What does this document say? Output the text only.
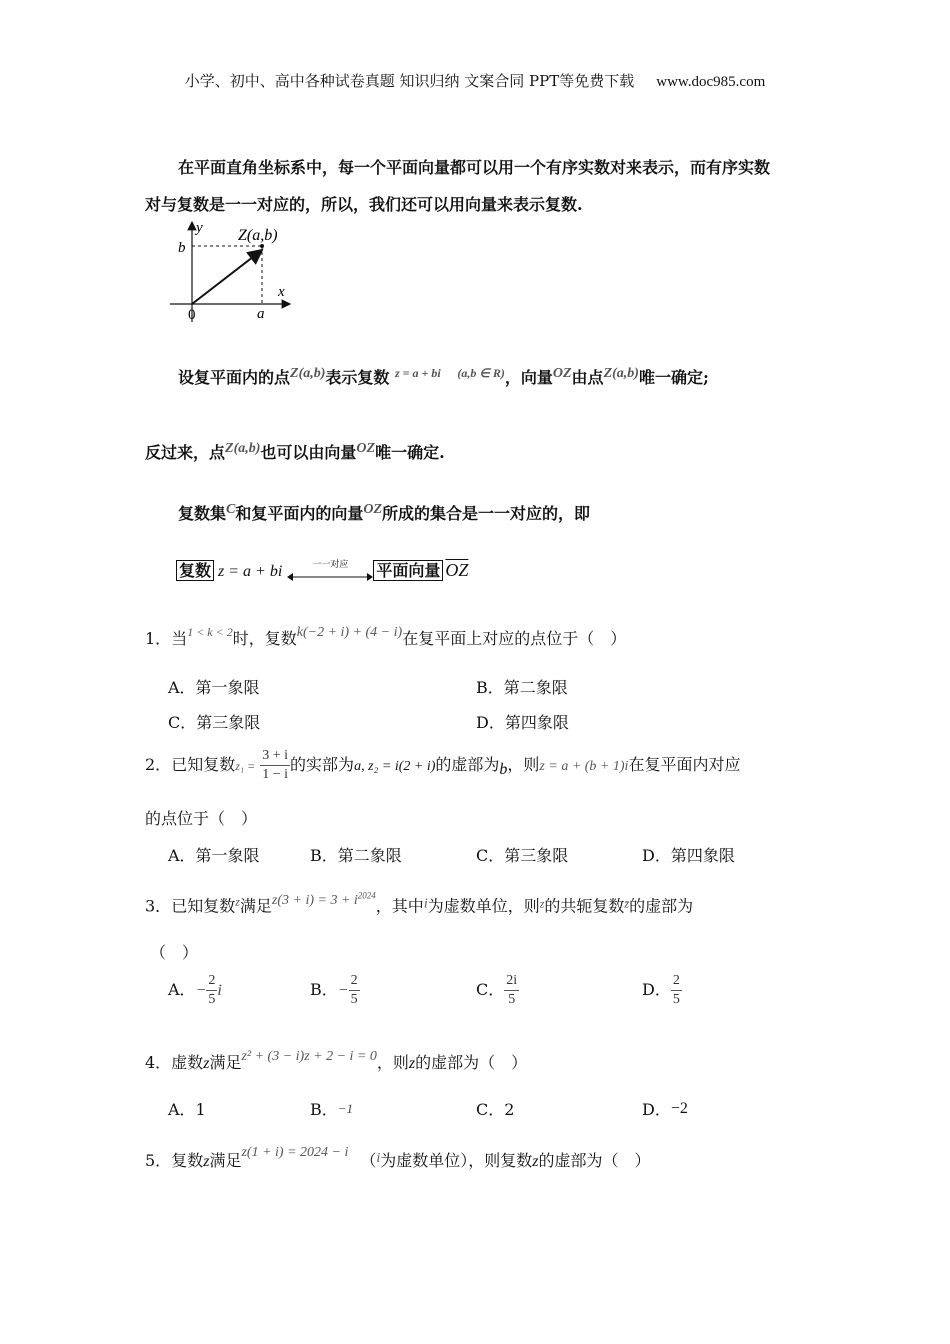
小学、初中、高中各种试卷真题 知识归纳 文案合同 PPT等免费下载 www.doc985.com
在平面直角坐标系中，每一个平面向量都可以用一个有序实数对来表示，而有序实数
对与复数是一一对应的，所以，我们还可以用向量来表示复数.
y
x
b
a
0
Z(a,b)
设复平面内的点Z(a,b)表示复数 $^{z = a + bi}$ $^{(a,b \in R)}$，向量OZ由点Z(a,b)唯一确定;
反过来，点Z(a,b)也可以由向量OZ唯一确定.
复数集C和复平面内的向量OZ所成的集合是一一对应的，即
复数 z = a + bi	一一对应	平面向量 $\overline{OZ}$
1．当$^{1 < k < 2}$时，复数k(−2 + i) + (4 − i)在复平面上对应的点位于（　）
A．第一象限	B．第二象限
C．第三象限	D．第四象限
2．已知复数$z_1 = \frac{3 + i}{1 - i}$ 的实部为a, z₂ = i(2 + i)的虚部为b，则z = a + (b + 1)i在复平面内对应
的点位于（　）
A．第一象限	B．第二象限	C．第三象限	D．第四象限
3．已知复数$^z$满足$z(3 + i) = 3 + i^{2024}$，其中i为虚数单位，则$^z$的共轭复数$^{z̄}$的虚部为
（　）
A．− $\frac{2}{5}$ i	B．− $\frac{2}{5}$	C． $\frac{2i}{5}$	D． $\frac{2}{5}$
4．虚数z满足z² + (3 − i)z + 2 − i = 0，则z的虚部为（　）
A．1	B．−1	C．2	D．−2
5．复数z满足z(1 + i) = 2024 − i （i为虚数单位），则复数z的虚部为（　）
